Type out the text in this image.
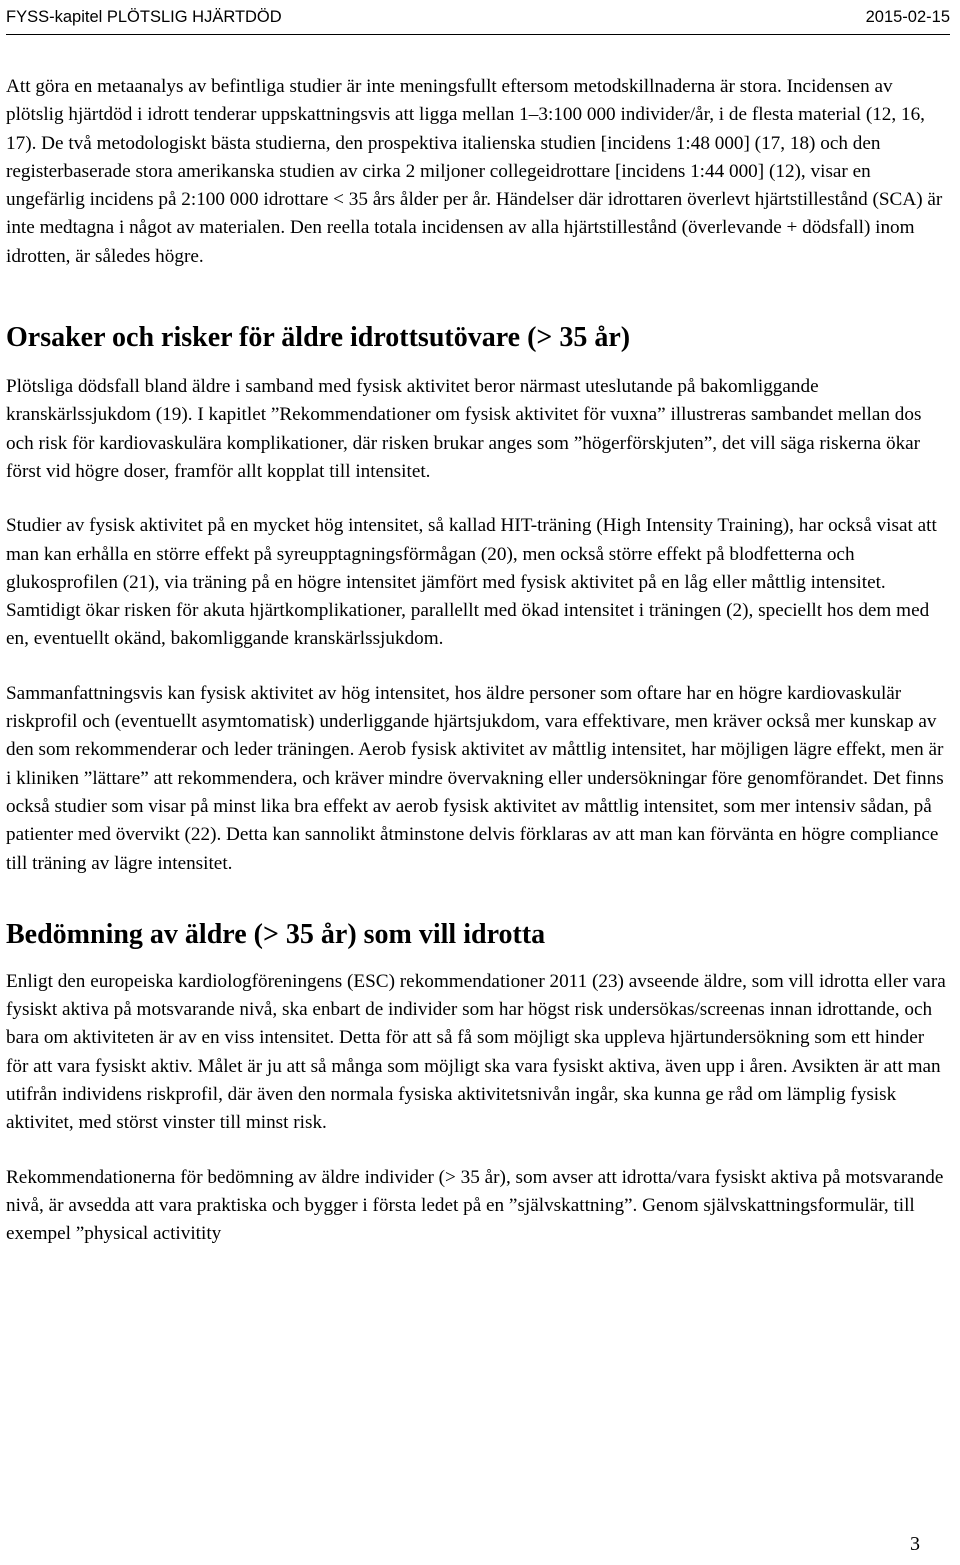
FYSS-kapitel PLÖTSLIG HJÄRTDÖD	2015-02-15

Att göra en metaanalys av befintliga studier är inte meningsfullt eftersom metodskillnaderna är stora. Incidensen av plötslig hjärtdöd i idrott tenderar uppskattningsvis att ligga mellan 1–3:100 000 individer/år, i de flesta material (12, 16, 17). De två metodologiskt bästa studierna, den prospektiva italienska studien [incidens 1:48 000] (17, 18) och den registerbaserade stora amerikanska studien av cirka 2 miljoner collegeidrottare [incidens 1:44 000] (12), visar en ungefärlig incidens på 2:100 000 idrottare < 35 års ålder per år. Händelser där idrottaren överlevt hjärtstillestånd (SCA) är inte medtagna i något av materialen. Den reella totala incidensen av alla hjärtstillestånd (överlevande + dödsfall) inom idrotten, är således högre.

Orsaker och risker för äldre idrottsutövare (> 35 år)

Plötsliga dödsfall bland äldre i samband med fysisk aktivitet beror närmast uteslutande på bakomliggande kranskärlssjukdom (19). I kapitlet ”Rekommendationer om fysisk aktivitet för vuxna” illustreras sambandet mellan dos och risk för kardiovaskulära komplikationer, där risken brukar anges som ”högerförskjuten”, det vill säga riskerna ökar först vid högre doser, framför allt kopplat till intensitet.

Studier av fysisk aktivitet på en mycket hög intensitet, så kallad HIT-träning (High Intensity Training), har också visat att man kan erhålla en större effekt på syreupptagningsförmågan (20), men också större effekt på blodfetterna och glukosprofilen (21), via träning på en högre intensitet jämfört med fysisk aktivitet på en låg eller måttlig intensitet. Samtidigt ökar risken för akuta hjärtkomplikationer, parallellt med ökad intensitet i träningen (2), speciellt hos dem med en, eventuellt okänd, bakomliggande kranskärlssjukdom.

Sammanfattningsvis kan fysisk aktivitet av hög intensitet, hos äldre personer som oftare har en högre kardiovaskulär riskprofil och (eventuellt asymtomatisk) underliggande hjärtsjukdom, vara effektivare, men kräver också mer kunskap av den som rekommenderar och leder träningen. Aerob fysisk aktivitet av måttlig intensitet, har möjligen lägre effekt, men är i kliniken ”lättare” att rekommendera, och kräver mindre övervakning eller undersökningar före genomförandet. Det finns också studier som visar på minst lika bra effekt av aerob fysisk aktivitet av måttlig intensitet, som mer intensiv sådan, på patienter med övervikt (22). Detta kan sannolikt åtminstone delvis förklaras av att man kan förvänta en högre compliance till träning av lägre intensitet.

Bedömning av äldre (> 35 år) som vill idrotta

Enligt den europeiska kardiologföreningens (ESC) rekommendationer 2011 (23) avseende äldre, som vill idrotta eller vara fysiskt aktiva på motsvarande nivå, ska enbart de individer som har högst risk undersökas/screenas innan idrottande, och bara om aktiviteten är av en viss intensitet. Detta för att så få som möjligt ska uppleva hjärtundersökning som ett hinder för att vara fysiskt aktiv. Målet är ju att så många som möjligt ska vara fysiskt aktiva, även upp i åren. Avsikten är att man utifrån individens riskprofil, där även den normala fysiska aktivitetsnivån ingår, ska kunna ge råd om lämplig fysisk aktivitet, med störst vinster till minst risk.

Rekommendationerna för bedömning av äldre individer (> 35 år), som avser att idrotta/vara fysiskt aktiva på motsvarande nivå, är avsedda att vara praktiska och bygger i första ledet på en ”självskattning”. Genom självskattningsformulär, till exempel ”physical activitity

3
